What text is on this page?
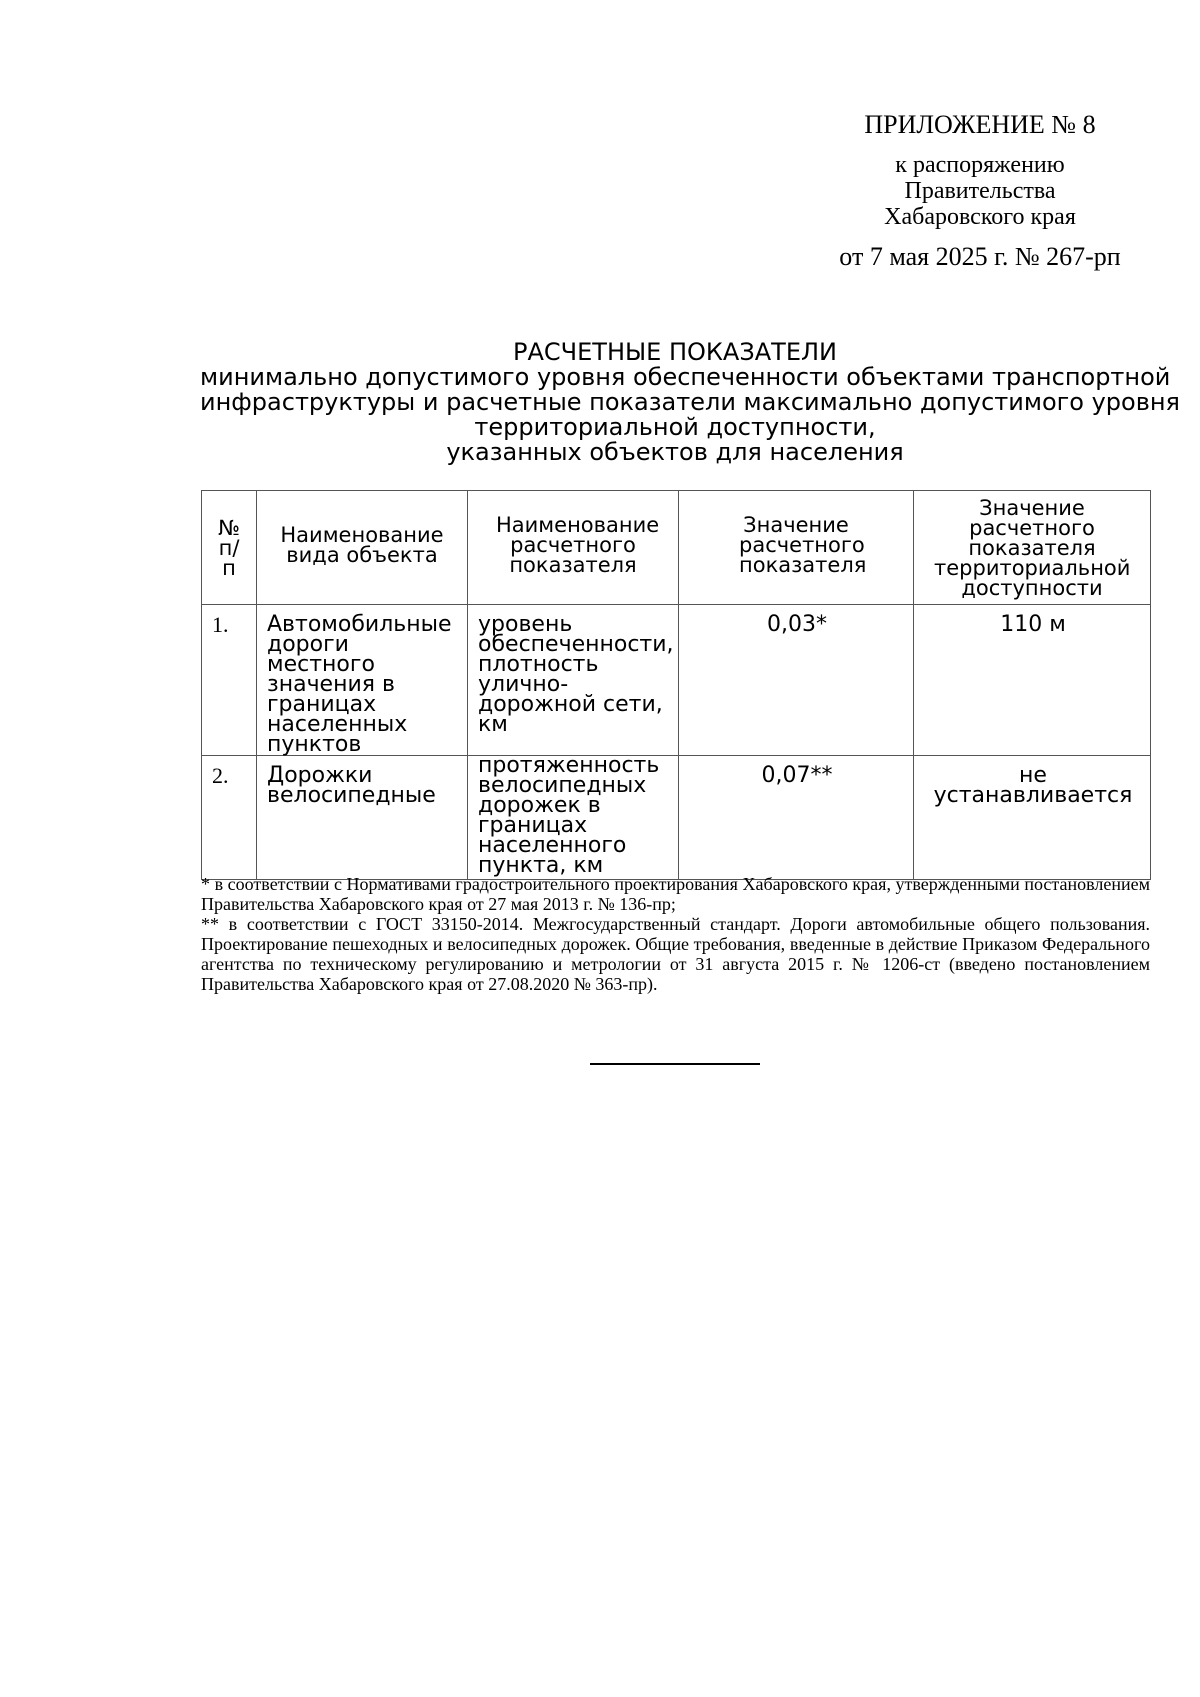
ПРИЛОЖЕНИЕ № 8
к распоряжению
Правительства
Хабаровского края
от 7 мая 2025 г. № 267-рп
РАСЧЕТНЫЕ ПОКАЗАТЕЛИ
минимально допустимого уровня обеспеченности объектами транспортной
инфраструктуры и расчетные показатели максимально допустимого уровня
территориальной доступности,
указанных объектов для населения
№ п/п	Наименование вида объекта	Наименование расчетного показателя	Значение расчетного показателя	Значение расчетного показателя территориальной доступности

1.	Автомобильные дороги местного значения в границах населенных пунктов	уровень обеспеченности, плотность улично-дорожной сети, км	0,03*	110 м

2.	Дорожки велосипедные	протяженность велосипедных дорожек в границах населенного пункта, км	0,07**	не устанавливается

* в соответствии с Нормативами градостроительного проектирования Хабаровского края, утвержденными постановлением Правительства Хабаровского края от 27 мая 2013 г. № 136-пр;

** в соответствии с ГОСТ 33150-2014. Межгосударственный стандарт. Дороги автомобильные общего пользования. Проектирование пешеходных и велосипедных дорожек. Общие требования, введенные в действие Приказом Федерального агентства по техническому регулированию и метрологии от 31 августа 2015 г. № 1206-ст (введено постановлением Правительства Хабаровского края от 27.08.2020 № 363-пр).
